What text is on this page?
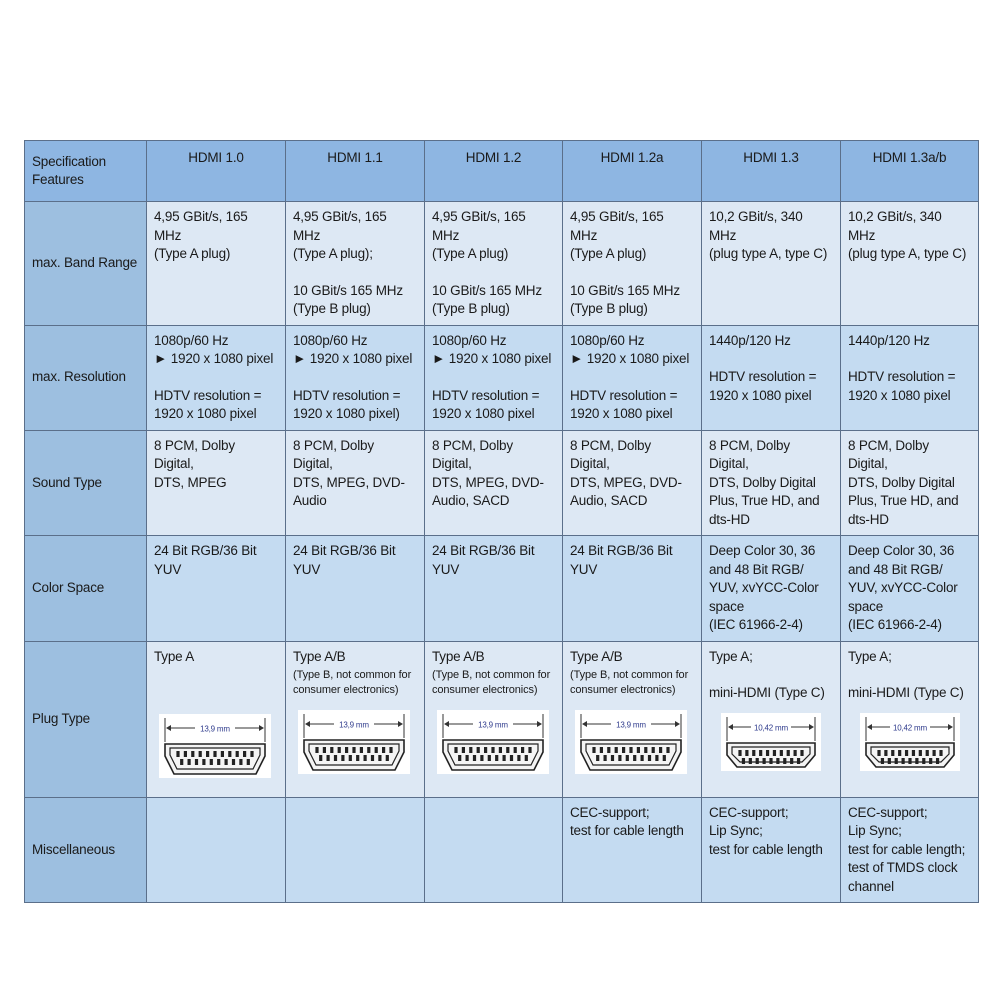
Specification
Features	HDMI 1.0	HDMI 1.1	HDMI 1.2	HDMI 1.2a	HDMI 1.3	HDMI 1.3a/b
max. Band Range	4,95 GBit/s, 165 MHz
(Type A plug)	4,95 GBit/s, 165 MHz
(Type A plug);
10 GBit/s 165 MHz
(Type B plug)	4,95 GBit/s, 165 MHz
(Type A plug)
10 GBit/s 165 MHz
(Type B plug)	4,95 GBit/s, 165 MHz
(Type A plug)
10 GBit/s 165 MHz
(Type B plug)	10,2 GBit/s, 340 MHz
(plug type A, type C)	10,2 GBit/s, 340 MHz
(plug type A, type C)

max. Resolution	1080p/60 Hz
► 1920 x 1080 pixel
HDTV resolution =
1920 x 1080 pixel	1080p/60 Hz
► 1920 x 1080 pixel
HDTV resolution =
1920 x 1080 pixel)	1080p/60 Hz
► 1920 x 1080 pixel
HDTV resolution =
1920 x 1080 pixel	1080p/60 Hz
► 1920 x 1080 pixel
HDTV resolution =
1920 x 1080 pixel	1440p/120 Hz
HDTV resolution =
1920 x 1080 pixel	1440p/120 Hz
HDTV resolution =
1920 x 1080 pixel

Sound Type	8 PCM, Dolby Digital,
DTS, MPEG	8 PCM, Dolby Digital,
DTS, MPEG, DVD-
Audio	8 PCM, Dolby Digital,
DTS, MPEG, DVD-
Audio, SACD	8 PCM, Dolby Digital,
DTS, MPEG, DVD-
Audio, SACD	8 PCM, Dolby Digital,
DTS, Dolby Digital
Plus, True HD, and
dts-HD	8 PCM, Dolby Digital,
DTS, Dolby Digital
Plus, True HD, and
dts-HD

Color Space	24 Bit RGB/36 Bit
YUV	24 Bit RGB/36 Bit
YUV	24 Bit RGB/36 Bit
YUV	24 Bit RGB/36 Bit
YUV	Deep Color 30, 36
and 48 Bit RGB/
YUV, xvYCC-Color
space
(IEC 61966-2-4)	Deep Color 30, 36
and 48 Bit RGB/
YUV, xvYCC-Color
space
(IEC 61966-2-4)

Plug Type	Type A
13,9 mm	Type A/B
(Type B, not common for
consumer electronics)
13,9 mm	Type A/B
(Type B, not common for
consumer electronics)
13,9 mm	Type A/B
(Type B, not common for
consumer electronics)
13,9 mm	Type A;
mini-HDMI (Type C)
10,42 mm	Type A;
mini-HDMI (Type C)
10,42 mm

Miscellaneous				CEC-support;
test for cable length	CEC-support;
Lip Sync;
test for cable length	CEC-support;
Lip Sync;
test for cable length;
test of TMDS clock
channel
